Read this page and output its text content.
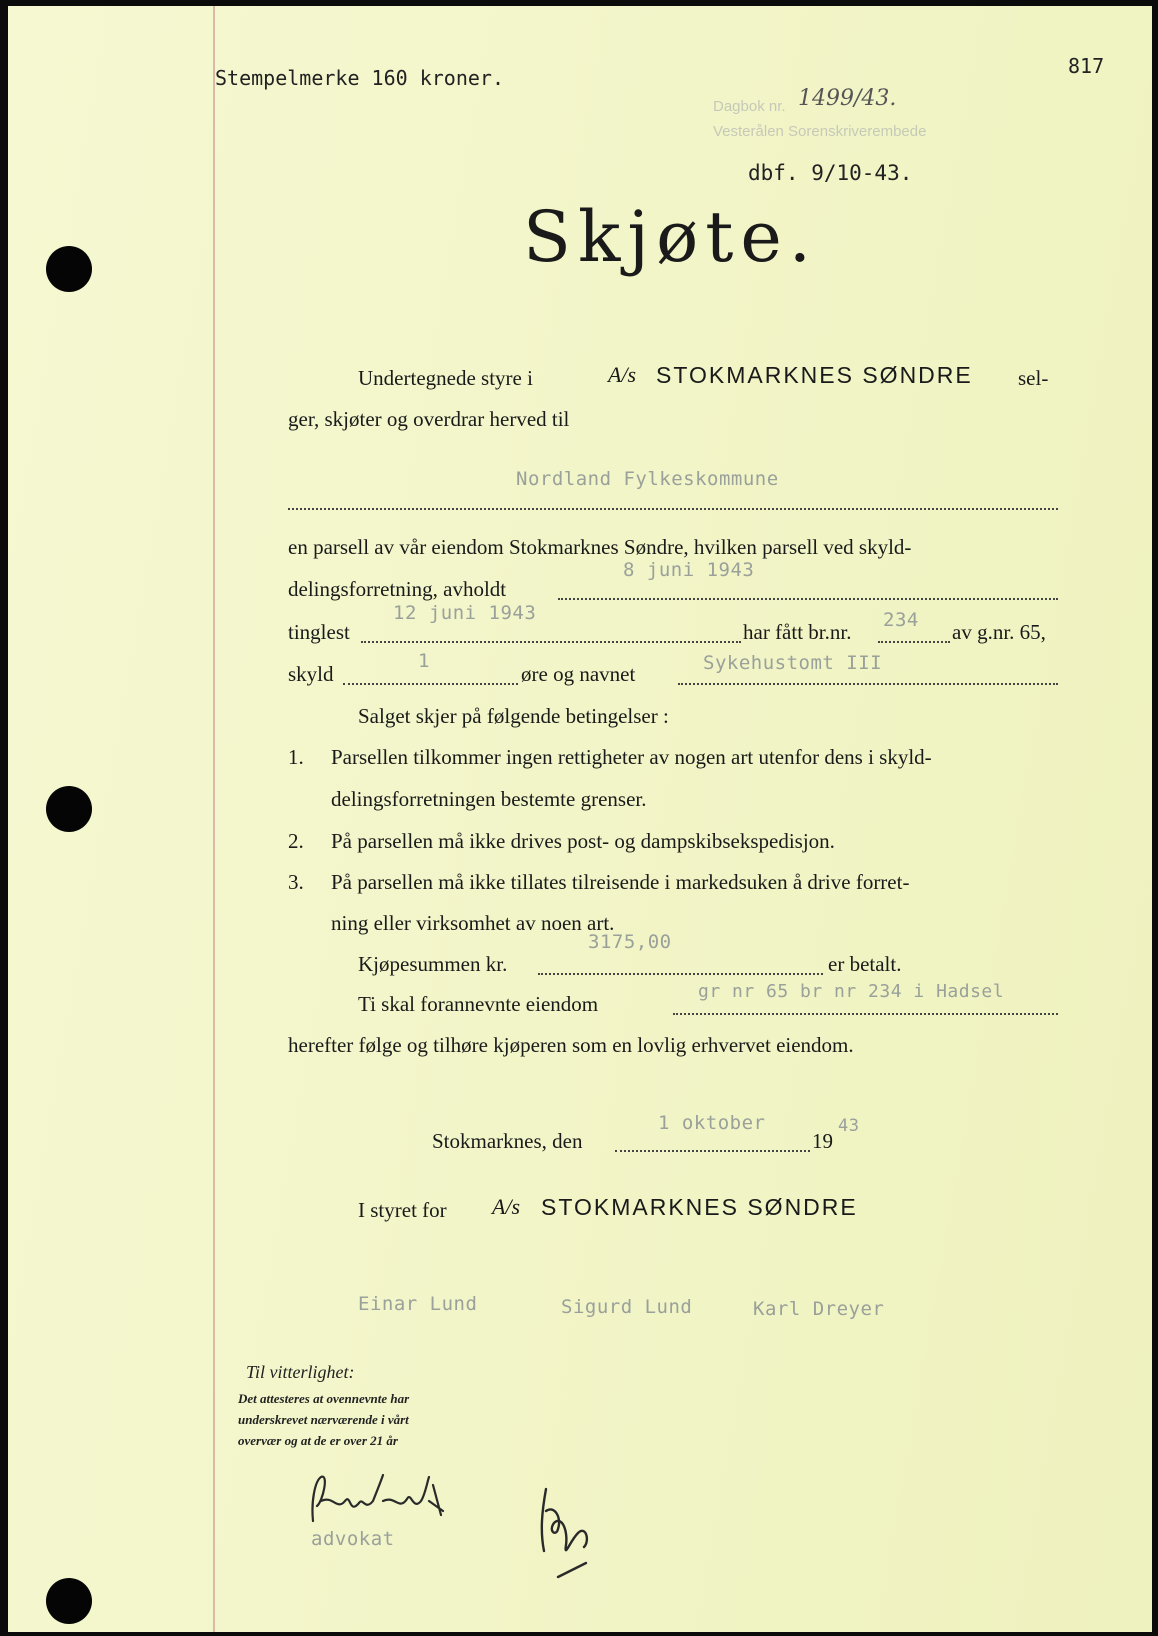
Stempelmerke 160 kroner.	817
Dagbok nr. 1499/43.
Vesterålen Sorenskriverembede
dbf. 9/10-43.
Skjøte.
Undertegnede styre i	A/s STOKMARKNES SØNDRE sel-
ger, skjøter og overdrar herved til
Nordland Fylkeskommune
en parsell av vår eiendom Stokmarknes Søndre, hvilken parsell ved skyld-
delingsforretning, avholdt
8 juni 1943
tinglest
12 juni 1943
har fått br.nr. 234 av g.nr. 65,
skyld
1
øre og navnet	Sykehustomt III
Salget skjer på følgende betingelser :
1. Parsellen tilkommer ingen rettigheter av nogen art utenfor dens i skyld-
delingsforretningen bestemte grenser.
2. På parsellen må ikke drives post- og dampskibsekspedisjon.
3. På parsellen må ikke tillates tilreisende i markedsuken å drive forret-
ning eller virksomhet av noen art.
Kjøpesummen kr.
3175,00
er betalt.
Ti skal forannevnte eiendom
gr nr 65 br nr 234 i Hadsel
herefter følge og tilhøre kjøperen som en lovlig erhvervet eiendom.
Stokmarknes, den
1 oktober
19
43
I styret for A/s STOKMARKNES SØNDRE
Einar Lund	Sigurd Lund	Karl Dreyer
Til vitterlighet:
Det attesteres at ovennevnte har
underskrevet nærværende i vårt
overvær og at de er over 21 år
advokat
